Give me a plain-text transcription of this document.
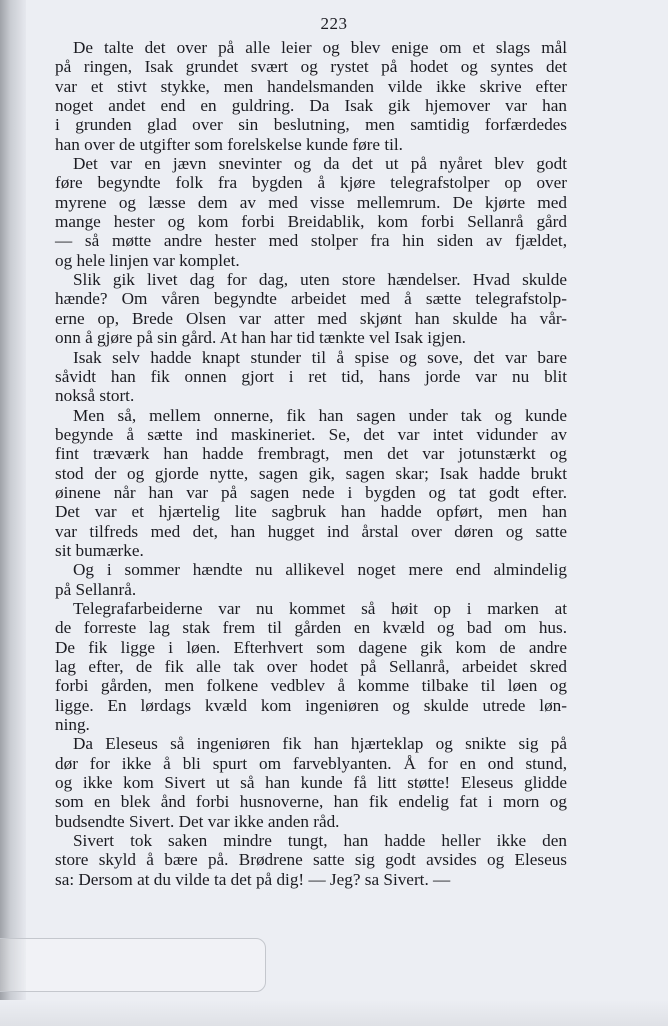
223
De talte det over på alle leier og blev enige om et slags mål
på ringen, Isak grundet svært og rystet på hodet og syntes det
var et stivt stykke, men handelsmanden vilde ikke skrive efter
noget andet end en guldring. Da Isak gik hjemover var han
i grunden glad over sin beslutning, men samtidig forfærdedes
han over de utgifter som forelskelse kunde føre til.
Det var en jævn snevinter og da det ut på nyåret blev godt
føre begyndte folk fra bygden å kjøre telegrafstolper op over
myrene og læsse dem av med visse mellemrum. De kjørte med
mange hester og kom forbi Breidablik, kom forbi Sellanrå gård
— så møtte andre hester med stolper fra hin siden av fjældet,
og hele linjen var komplet.
Slik gik livet dag for dag, uten store hændelser. Hvad skulde
hænde? Om våren begyndte arbeidet med å sætte telegrafstolp-
erne op, Brede Olsen var atter med skjønt han skulde ha vår-
onn å gjøre på sin gård. At han har tid tænkte vel Isak igjen.
Isak selv hadde knapt stunder til å spise og sove, det var bare
såvidt han fik onnen gjort i ret tid, hans jorde var nu blit
nokså stort.
Men så, mellem onnerne, fik han sagen under tak og kunde
begynde å sætte ind maskineriet. Se, det var intet vidunder av
fint træværk han hadde frembragt, men det var jotunstærkt og
stod der og gjorde nytte, sagen gik, sagen skar; Isak hadde brukt
øinene når han var på sagen nede i bygden og tat godt efter.
Det var et hjærtelig lite sagbruk han hadde opført, men han
var tilfreds med det, han hugget ind årstal over døren og satte
sit bumærke.
Og i sommer hændte nu allikevel noget mere end almindelig
på Sellanrå.
Telegrafarbeiderne var nu kommet så høit op i marken at
de forreste lag stak frem til gården en kvæld og bad om hus.
De fik ligge i løen. Efterhvert som dagene gik kom de andre
lag efter, de fik alle tak over hodet på Sellanrå, arbeidet skred
forbi gården, men folkene vedblev å komme tilbake til løen og
ligge. En lørdags kvæld kom ingeniøren og skulde utrede løn-
ning.
Da Eleseus så ingeniøren fik han hjærteklap og snikte sig på
dør for ikke å bli spurt om farveblyanten. Å for en ond stund,
og ikke kom Sivert ut så han kunde få litt støtte! Eleseus glidde
som en blek ånd forbi husnoverne, han fik endelig fat i morn og
budsendte Sivert. Det var ikke anden råd.
Sivert tok saken mindre tungt, han hadde heller ikke den
store skyld å bære på. Brødrene satte sig godt avsides og Eleseus
sa: Dersom at du vilde ta det på dig! — Jeg? sa Sivert. —
